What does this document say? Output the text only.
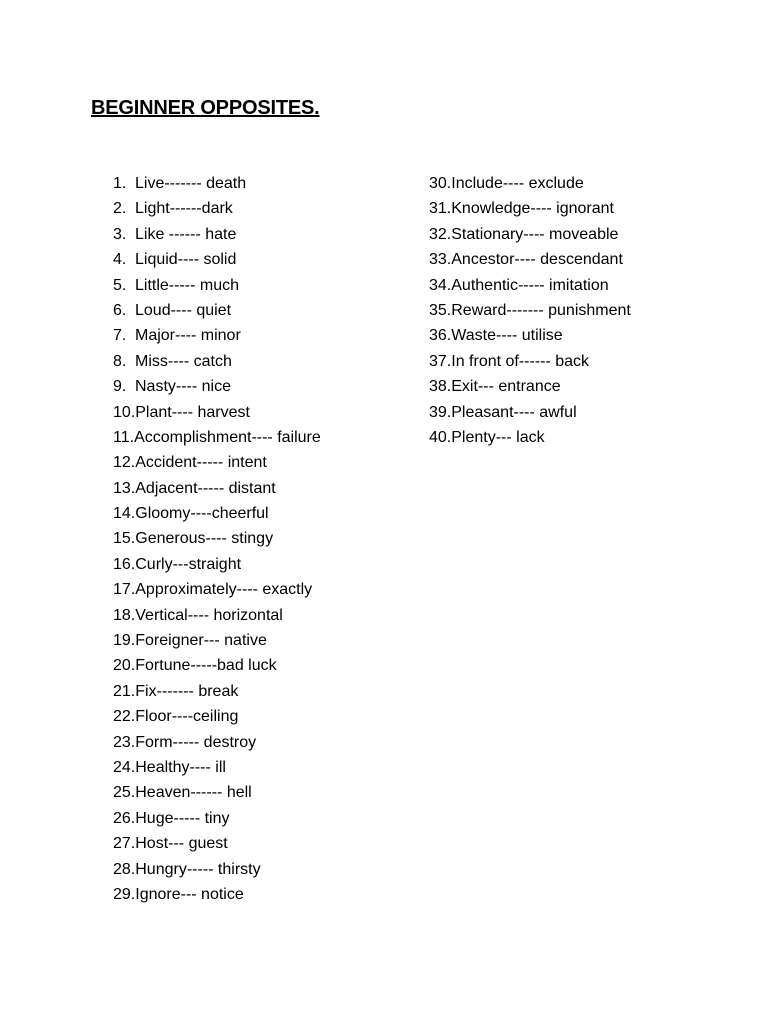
BEGINNER OPPOSITES.
1. Live------- death
2. Light------dark
3. Like ------ hate
4. Liquid---- solid
5. Little----- much
6. Loud---- quiet
7. Major---- minor
8. Miss---- catch
9. Nasty---- nice
10. Plant---- harvest
11. Accomplishment---- failure
12. Accident----- intent
13. Adjacent----- distant
14. Gloomy----cheerful
15. Generous---- stingy
16. Curly---straight
17. Approximately---- exactly
18. Vertical---- horizontal
19. Foreigner--- native
20. Fortune-----bad luck
21. Fix------- break
22. Floor----ceiling
23. Form----- destroy
24. Healthy---- ill
25. Heaven------ hell
26. Huge----- tiny
27. Host--- guest
28. Hungry----- thirsty
29. Ignore--- notice
30. Include---- exclude
31. Knowledge---- ignorant
32. Stationary---- moveable
33. Ancestor---- descendant
34. Authentic----- imitation
35. Reward------- punishment
36. Waste---- utilise
37. In front of------ back
38. Exit--- entrance
39. Pleasant---- awful
40. Plenty--- lack
